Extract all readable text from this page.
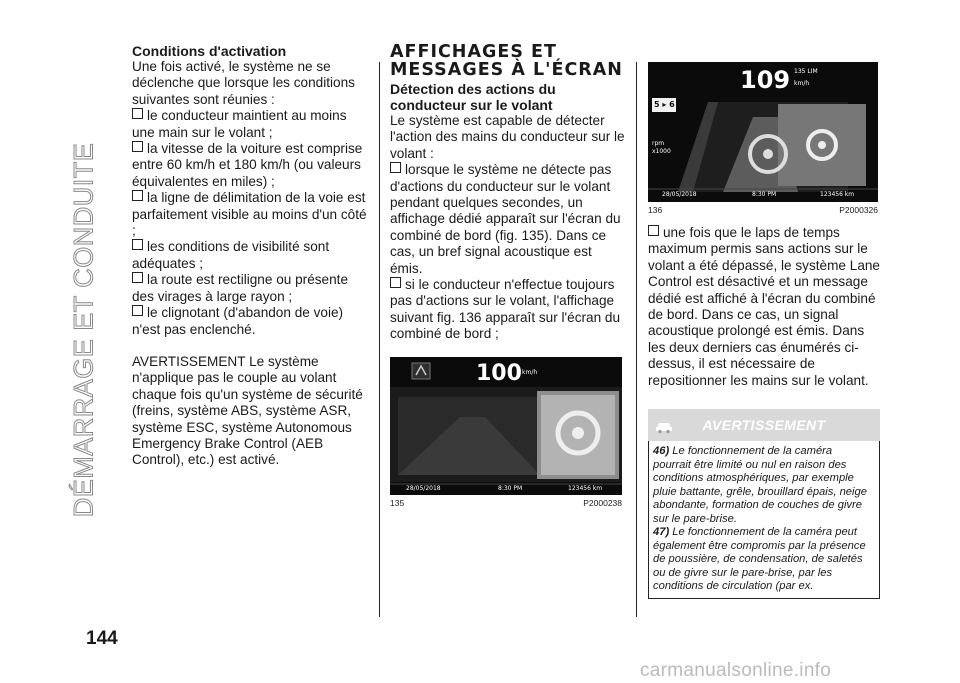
DÉMARRAGE ET CONDUITE
144
Conditions d'activation

Une fois activé, le système ne se déclenche que lorsque les conditions suivantes sont réunies :

le conducteur maintient au moins une main sur le volant ;
la vitesse de la voiture est comprise entre 60 km/h et 180 km/h (ou valeurs équivalentes en miles) ;
la ligne de délimitation de la voie est parfaitement visible au moins d'un côté ;
les conditions de visibilité sont adéquates ;
la route est rectiligne ou présente des virages à large rayon ;
le clignotant (d'abandon de voie) n'est pas enclenché.

AVERTISSEMENT Le système n'applique pas le couple au volant chaque fois qu'un système de sécurité (freins, système ABS, système ASR, système ESC, système Autonomous Emergency Brake Control (AEB Control), etc.) est activé.

AFFICHAGES ET
MESSAGES À L'ÉCRAN
Détection des actions du conducteur sur le volant

Le système est capable de détecter l'action des mains du conducteur sur le volant :

lorsque le système ne détecte pas d'actions du conducteur sur le volant pendant quelques secondes, un affichage dédié apparaît sur l'écran du combiné de bord (fig. 135). Dans ce cas, un bref signal acoustique est émis.
si le conducteur n'effectue toujours pas d'actions sur le volant, l'affichage suivant fig. 136 apparaît sur l'écran du combiné de bord ;
100 km/h
28/05/2018	8:30 PM	123456 km
135	P2000238
109 135 LIM
km/h
5 ▸ 6
rpm
x1000
28/05/2018	8:30 PM	123456 km
136	P2000326
une fois que le laps de temps maximum permis sans actions sur le volant a été dépassé, le système Lane Control est désactivé et un message dédié est affiché à l'écran du combiné de bord. Dans ce cas, un signal acoustique prolongé est émis. Dans les deux derniers cas énumérés ci-dessus, il est nécessaire de repositionner les mains sur le volant.
AVERTISSEMENT

46) Le fonctionnement de la caméra pourrait être limité ou nul en raison des conditions atmosphériques, par exemple pluie battante, grêle, brouillard épais, neige abondante, formation de couches de givre sur le pare-brise.

47) Le fonctionnement de la caméra peut également être compromis par la présence de poussière, de condensation, de saletés ou de givre sur le pare-brise, par les conditions de circulation (par ex.

carmanualsonline.info
